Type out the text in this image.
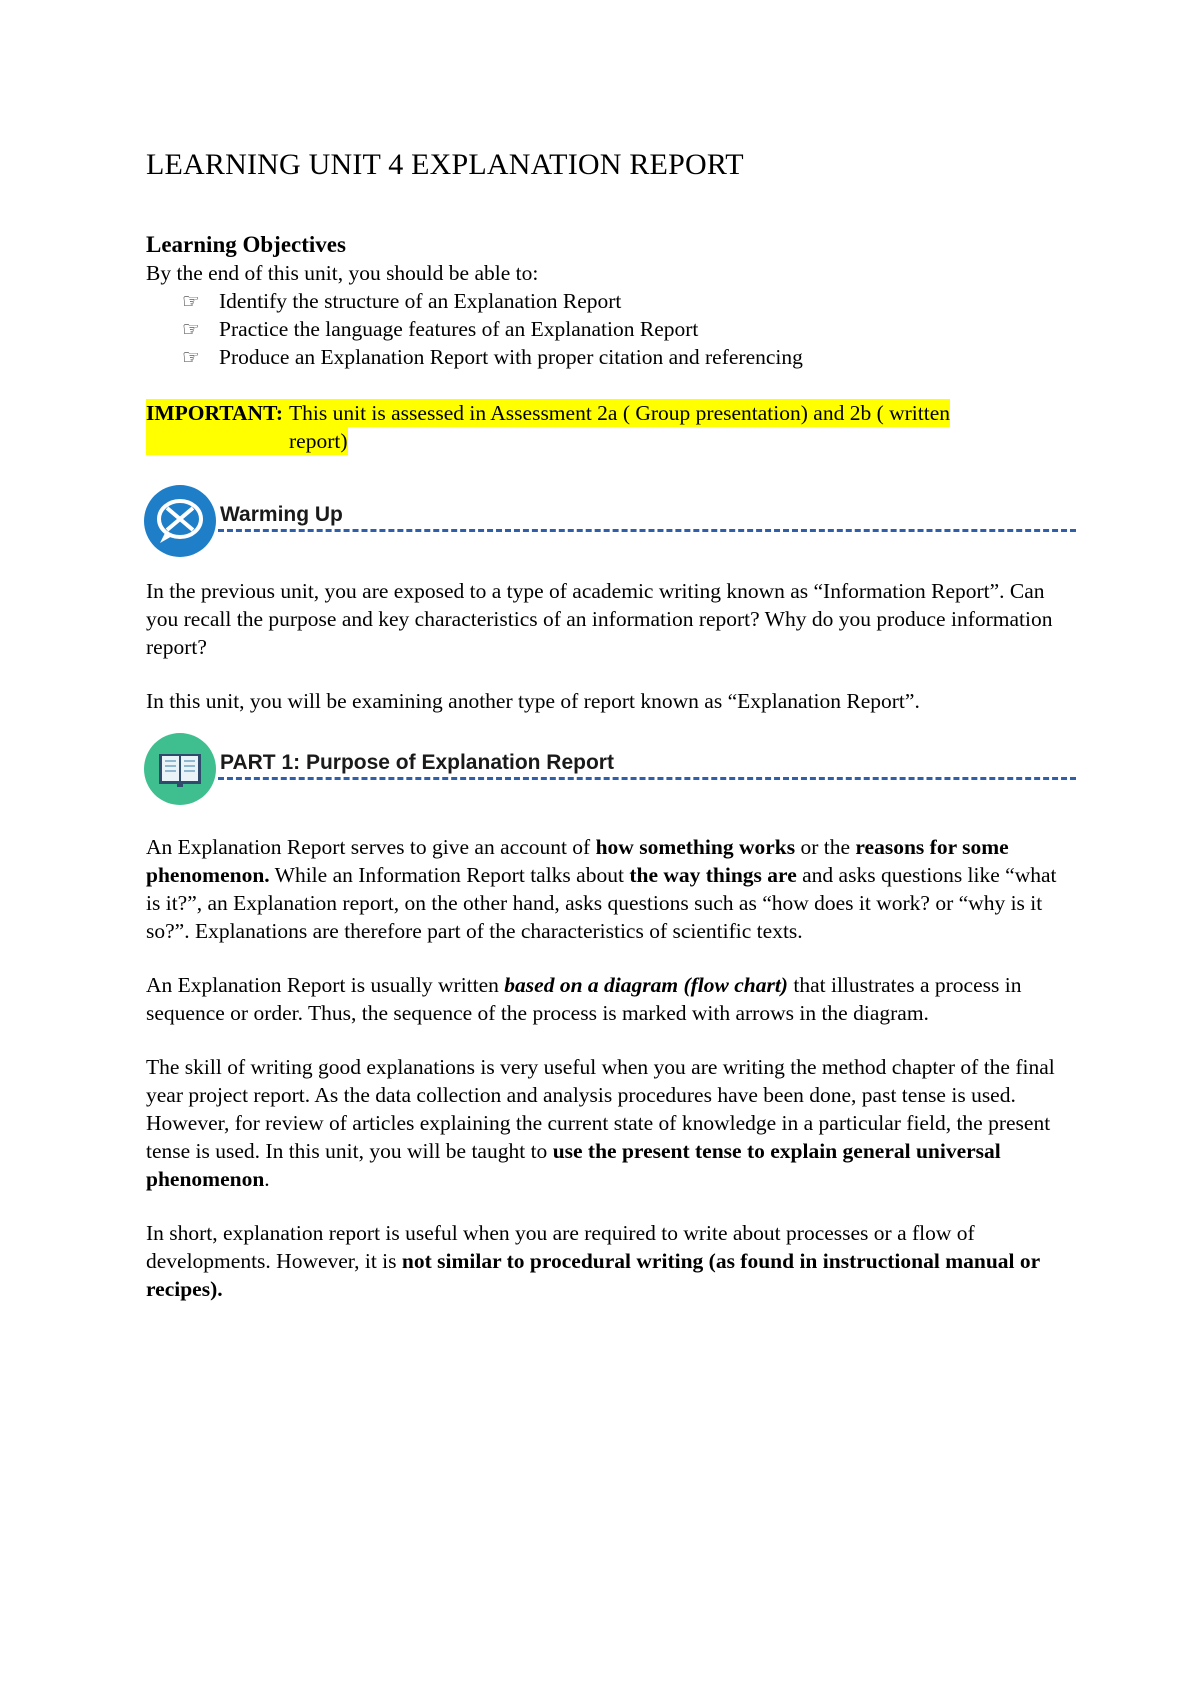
LEARNING UNIT 4 EXPLANATION REPORT
Learning Objectives

By the end of this unit, you should be able to:

☞ Identify the structure of an Explanation Report
☞ Practice the language features of an Explanation Report
☞ Produce an Explanation Report with proper citation and referencing
IMPORTANT: This unit is assessed in Assessment 2a ( Group presentation) and 2b ( written
report)
Warming Up

In the previous unit, you are exposed to a type of academic writing known as “Information Report”. Can you recall the purpose and key characteristics of an information report? Why do you produce information report?

In this unit, you will be examining another type of report known as “Explanation Report”.

PART 1: Purpose of Explanation Report

An Explanation Report serves to give an account of how something works or the reasons for some phenomenon. While an Information Report talks about the way things are and asks questions like “what is it?”, an Explanation report, on the other hand, asks questions such as “how does it work? or “why is it so?”. Explanations are therefore part of the characteristics of scientific texts.

An Explanation Report is usually written based on a diagram (flow chart) that illustrates a process in sequence or order. Thus, the sequence of the process is marked with arrows in the diagram.

The skill of writing good explanations is very useful when you are writing the method chapter of the final year project report. As the data collection and analysis procedures have been done, past tense is used. However, for review of articles explaining the current state of knowledge in a particular field, the present tense is used. In this unit, you will be taught to use the present tense to explain general universal phenomenon.

In short, explanation report is useful when you are required to write about processes or a flow of developments. However, it is not similar to procedural writing (as found in instructional manual or recipes).
